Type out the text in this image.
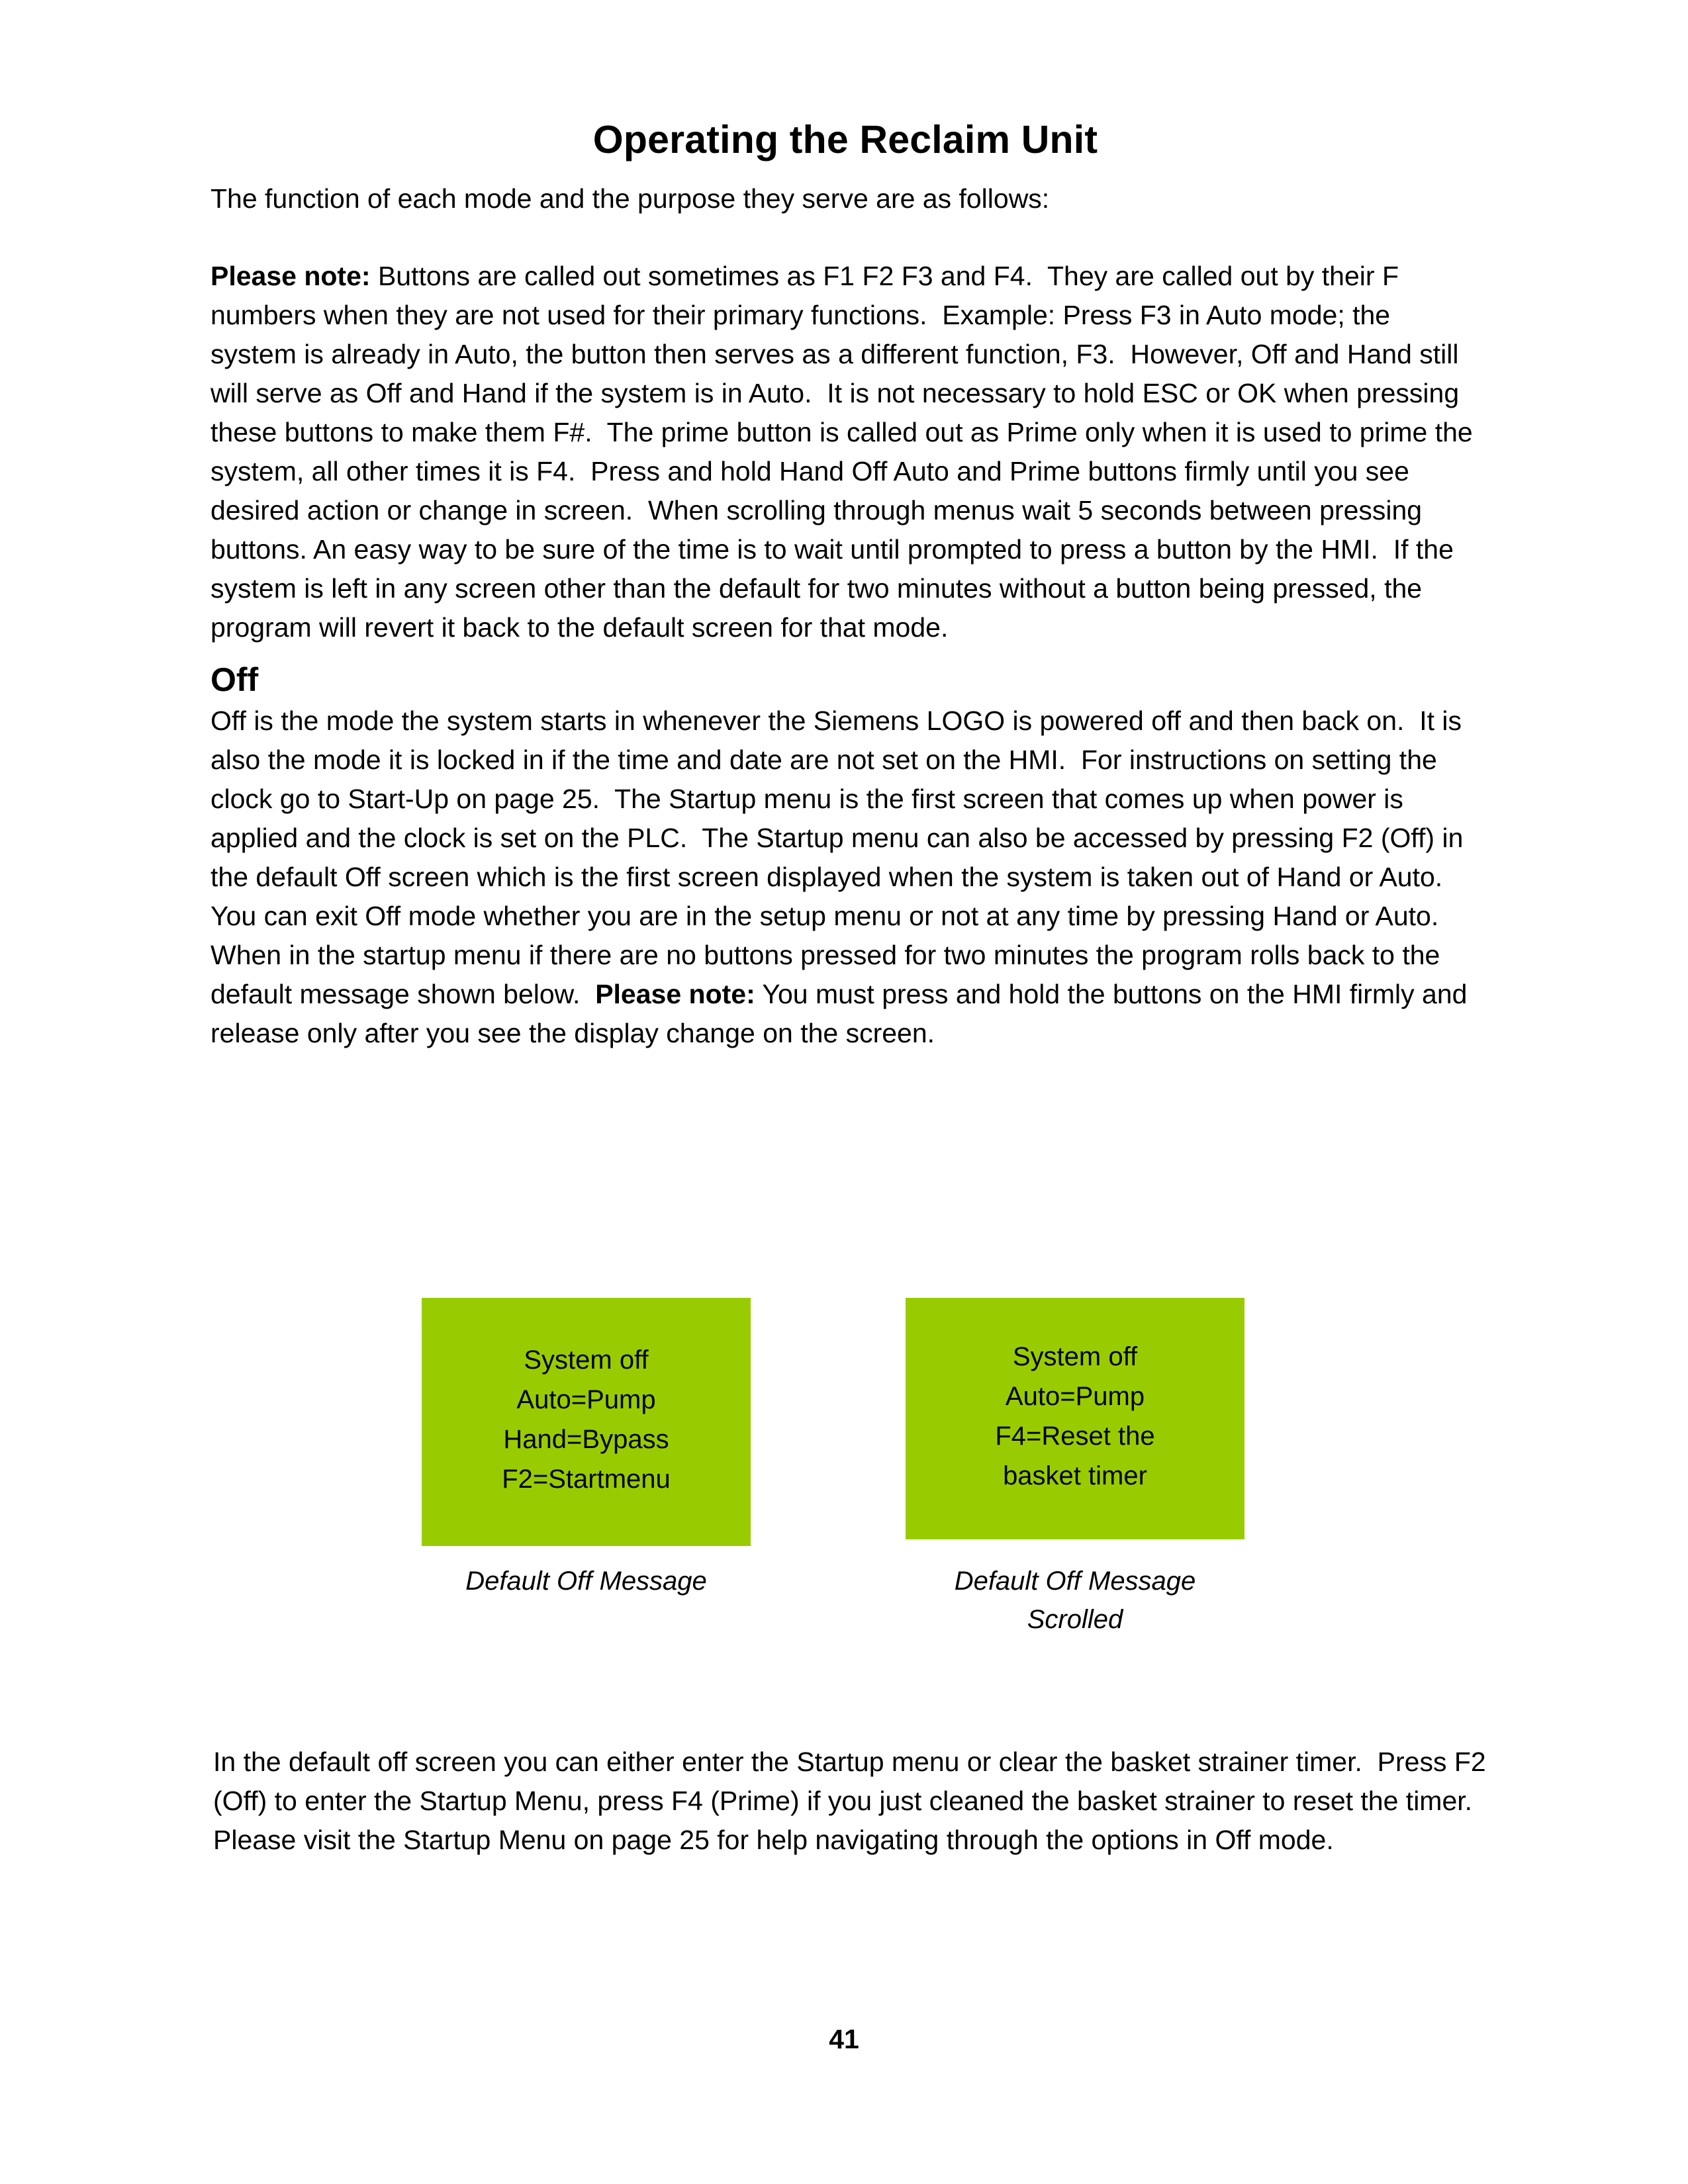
Operating the Reclaim Unit

The function of each mode and the purpose they serve are as follows:

Please note: Buttons are called out sometimes as F1 F2 F3 and F4.  They are called out by their F numbers when they are not used for their primary functions.  Example: Press F3 in Auto mode; the system is already in Auto, the button then serves as a different function, F3.  However, Off and Hand still will serve as Off and Hand if the system is in Auto.  It is not necessary to hold ESC or OK when pressing these buttons to make them F#.  The prime button is called out as Prime only when it is used to prime the system, all other times it is F4.  Press and hold Hand Off Auto and Prime buttons firmly until you see desired action or change in screen.  When scrolling through menus wait 5 seconds between pressing buttons. An easy way to be sure of the time is to wait until prompted to press a button by the HMI.  If the system is left in any screen other than the default for two minutes without a button being pressed, the program will revert it back to the default screen for that mode.

Off

Off is the mode the system starts in whenever the Siemens LOGO is powered off and then back on.  It is also the mode it is locked in if the time and date are not set on the HMI.  For instructions on setting the clock go to Start-Up on page 25.  The Startup menu is the first screen that comes up when power is applied and the clock is set on the PLC.  The Startup menu can also be accessed by pressing F2 (Off) in the default Off screen which is the first screen displayed when the system is taken out of Hand or Auto.  You can exit Off mode whether you are in the setup menu or not at any time by pressing Hand or Auto.  When in the startup menu if there are no buttons pressed for two minutes the program rolls back to the default message shown below.  Please note: You must press and hold the buttons on the HMI firmly and release only after you see the display change on the screen.

System off
Auto=Pump
Hand=Bypass
F2=Startmenu
System off
Auto=Pump
F4=Reset the
basket timer
Default Off Message	Default Off Message
Scrolled

In the default off screen you can either enter the Startup menu or clear the basket strainer timer.  Press F2 (Off) to enter the Startup Menu, press F4 (Prime) if you just cleaned the basket strainer to reset the timer.  Please visit the Startup Menu on page 25 for help navigating through the options in Off mode.

41
